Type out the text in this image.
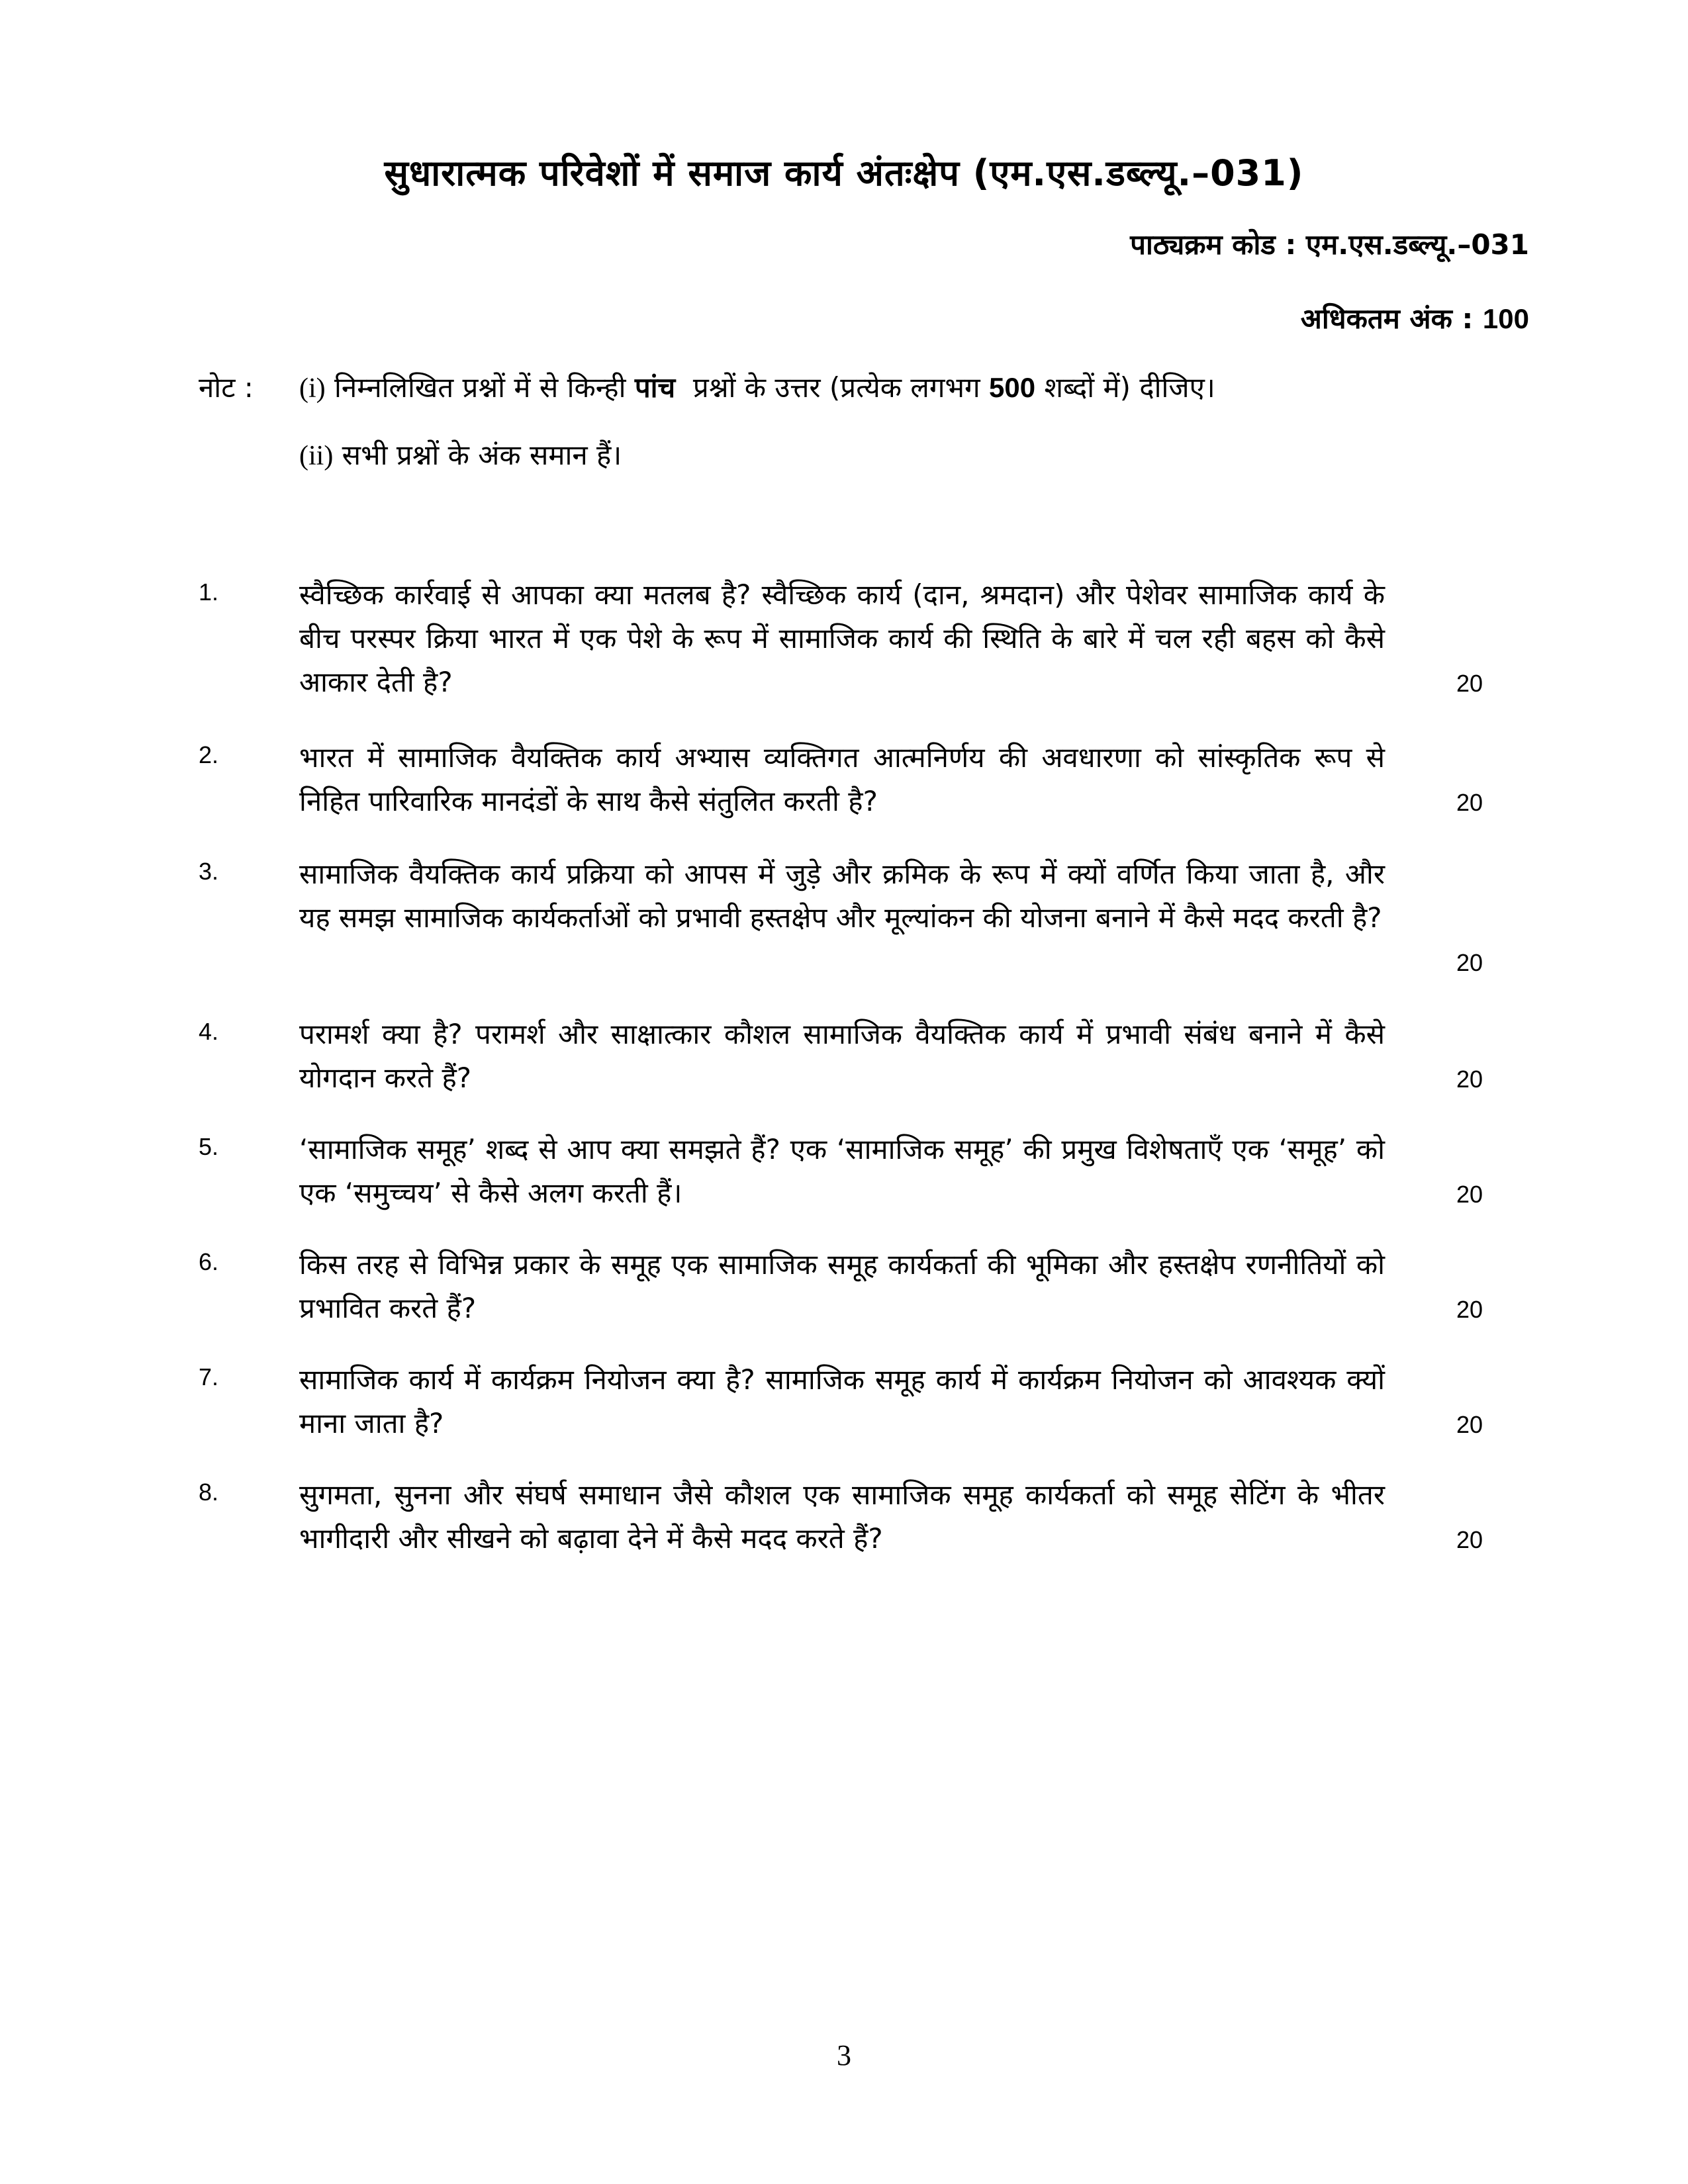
सुधारात्मक परिवेशों में समाज कार्य अंतःक्षेप (एम.एस.डब्ल्यू.–031)
पाठ्यक्रम कोड : एम.एस.डब्ल्यू.–031
अधिकतम अंक : 100
नोट : (i) निम्नलिखित प्रश्नों में से किन्ही पांच प्रश्नों के उत्तर (प्रत्येक लगभग 500 शब्दों में) दीजिए।
(ii) सभी प्रश्नों के अंक समान हैं।
1.	स्वैच्छिक कार्रवाई से आपका क्या मतलब है? स्वैच्छिक कार्य (दान, श्रमदान) और पेशेवर सामाजिक कार्य के बीच परस्पर क्रिया भारत में एक पेशे के रूप में सामाजिक कार्य की स्थिति के बारे में चल रही बहस को कैसे आकार देती है?	20
2.	भारत में सामाजिक वैयक्तिक कार्य अभ्यास व्यक्तिगत आत्मनिर्णय की अवधारणा को सांस्कृतिक रूप से निहित पारिवारिक मानदंडों के साथ कैसे संतुलित करती है?	20
3.	सामाजिक वैयक्तिक कार्य प्रक्रिया को आपस में जुड़े और क्रमिक के रूप में क्यों वर्णित किया जाता है, और यह समझ सामाजिक कार्यकर्ताओं को प्रभावी हस्तक्षेप और मूल्यांकन की योजना बनाने में कैसे मदद करती है?
20
4.	परामर्श क्या है? परामर्श और साक्षात्कार कौशल सामाजिक वैयक्तिक कार्य में प्रभावी संबंध बनाने में कैसे योगदान करते हैं?	20
5.	‘सामाजिक समूह’ शब्द से आप क्या समझते हैं? एक ‘सामाजिक समूह’ की प्रमुख विशेषताएँ एक ‘समूह’ को एक ‘समुच्चय’ से कैसे अलग करती हैं।	20
6.	किस तरह से विभिन्न प्रकार के समूह एक सामाजिक समूह कार्यकर्ता की भूमिका और हस्तक्षेप रणनीतियों को प्रभावित करते हैं?	20
7.	सामाजिक कार्य में कार्यक्रम नियोजन क्या है? सामाजिक समूह कार्य में कार्यक्रम नियोजन को आवश्यक क्यों माना जाता है?	20
8.	सुगमता, सुनना और संघर्ष समाधान जैसे कौशल एक सामाजिक समूह कार्यकर्ता को समूह सेटिंग के भीतर भागीदारी और सीखने को बढ़ावा देने में कैसे मदद करते हैं?	20
3
